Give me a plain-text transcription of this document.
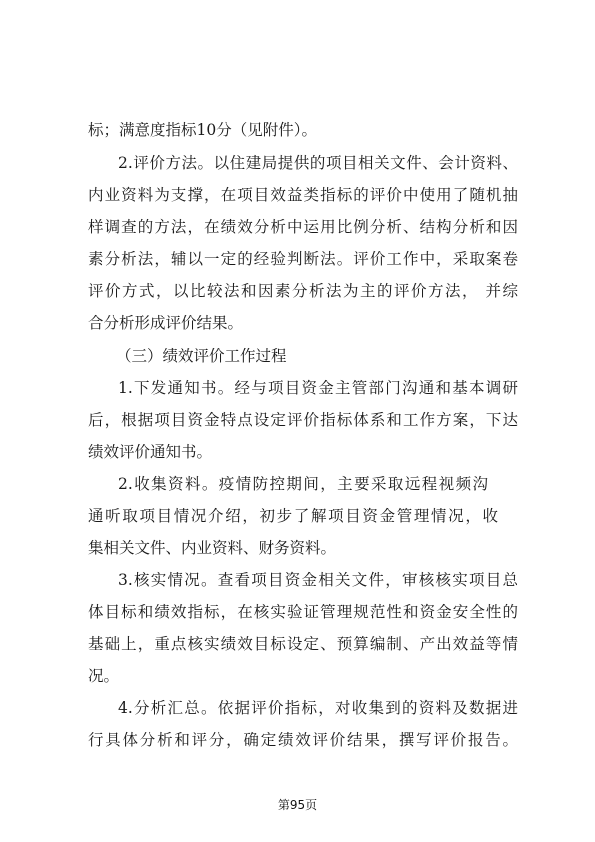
标；满意度指标10分（见附件）。
2.评价方法。以住建局提供的项目相关文件、会计资料、
内业资料为支撑，在项目效益类指标的评价中使用了随机抽
样调查的方法，在绩效分析中运用比例分析、结构分析和因
素分析法，辅以一定的经验判断法。评价工作中，采取案卷
评价方式，以比较法和因素分析法为主的评价方法， 并综
合分析形成评价结果。
（三）绩效评价工作过程
1.下发通知书。经与项目资金主管部门沟通和基本调研
后，根据项目资金特点设定评价指标体系和工作方案，下达
绩效评价通知书。
2.收集资料。疫情防控期间，主要采取远程视频沟
通听取项目情况介绍，初步了解项目资金管理情况，收
集相关文件、内业资料、财务资料。
3.核实情况。查看项目资金相关文件，审核核实项目总
体目标和绩效指标，在核实验证管理规范性和资金安全性的
基础上，重点核实绩效目标设定、预算编制、产出效益等情
况。
4.分析汇总。依据评价指标，对收集到的资料及数据进
行具体分析和评分，确定绩效评价结果，撰写评价报告。
第95页
